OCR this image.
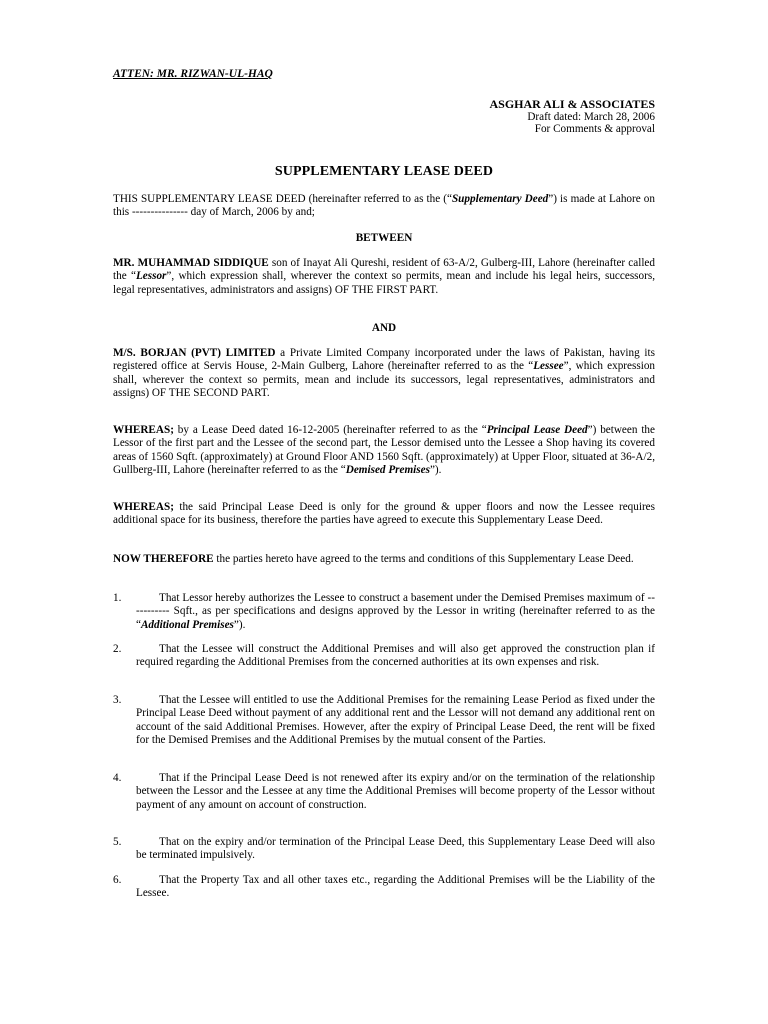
ATTEN: MR. RIZWAN-UL-HAQ
ASGHAR ALI & ASSOCIATES
Draft dated: March 28, 2006
For Comments & approval
SUPPLEMENTARY LEASE DEED
THIS SUPPLEMENTARY LEASE DEED (hereinafter referred to as the (“Supplementary Deed”) is made at Lahore on this --------------- day of March, 2006 by and;
BETWEEN
MR. MUHAMMAD SIDDIQUE son of Inayat Ali Qureshi, resident of 63-A/2, Gulberg-III, Lahore (hereinafter called the “Lessor”, which expression shall, wherever the context so permits, mean and include his legal heirs, successors, legal representatives, administrators and assigns) OF THE FIRST PART.
AND
M/S. BORJAN (PVT) LIMITED a Private Limited Company incorporated under the laws of Pakistan, having its registered office at Servis House, 2-Main Gulberg, Lahore (hereinafter referred to as the “Lessee”, which expression shall, wherever the context so permits, mean and include its successors, legal representatives, administrators and assigns) OF THE SECOND PART.
WHEREAS; by a Lease Deed dated 16-12-2005 (hereinafter referred to as the “Principal Lease Deed”) between the Lessor of the first part and the Lessee of the second part, the Lessor demised unto the Lessee a Shop having its covered areas of 1560 Sqft. (approximately) at Ground Floor AND 1560 Sqft. (approximately) at Upper Floor, situated at 36-A/2, Gullberg-III, Lahore (hereinafter referred to as the “Demised Premises”).
WHEREAS; the said Principal Lease Deed is only for the ground & upper floors and now the Lessee requires additional space for its business, therefore the parties have agreed to execute this Supplementary Lease Deed.
NOW THEREFORE the parties hereto have agreed to the terms and conditions of this Supplementary Lease Deed.
1.	That Lessor hereby authorizes the Lessee to construct a basement under the Demised Premises maximum of ----------- Sqft., as per specifications and designs approved by the Lessor in writing (hereinafter referred to as the “Additional Premises”).
2.	That the Lessee will construct the Additional Premises and will also get approved the construction plan if required regarding the Additional Premises from the concerned authorities at its own expenses and risk.
3.	That the Lessee will entitled to use the Additional Premises for the remaining Lease Period as fixed under the Principal Lease Deed without payment of any additional rent and the Lessor will not demand any additional rent on account of the said Additional Premises. However, after the expiry of Principal Lease Deed, the rent will be fixed for the Demised Premises and the Additional Premises by the mutual consent of the Parties.
4.	That if the Principal Lease Deed is not renewed after its expiry and/or on the termination of the relationship between the Lessor and the Lessee at any time the Additional Premises will become property of the Lessor without payment of any amount on account of construction.
5.	That on the expiry and/or termination of the Principal Lease Deed, this Supplementary Lease Deed will also be terminated impulsively.
6.	That the Property Tax and all other taxes etc., regarding the Additional Premises will be the Liability of the Lessee.
